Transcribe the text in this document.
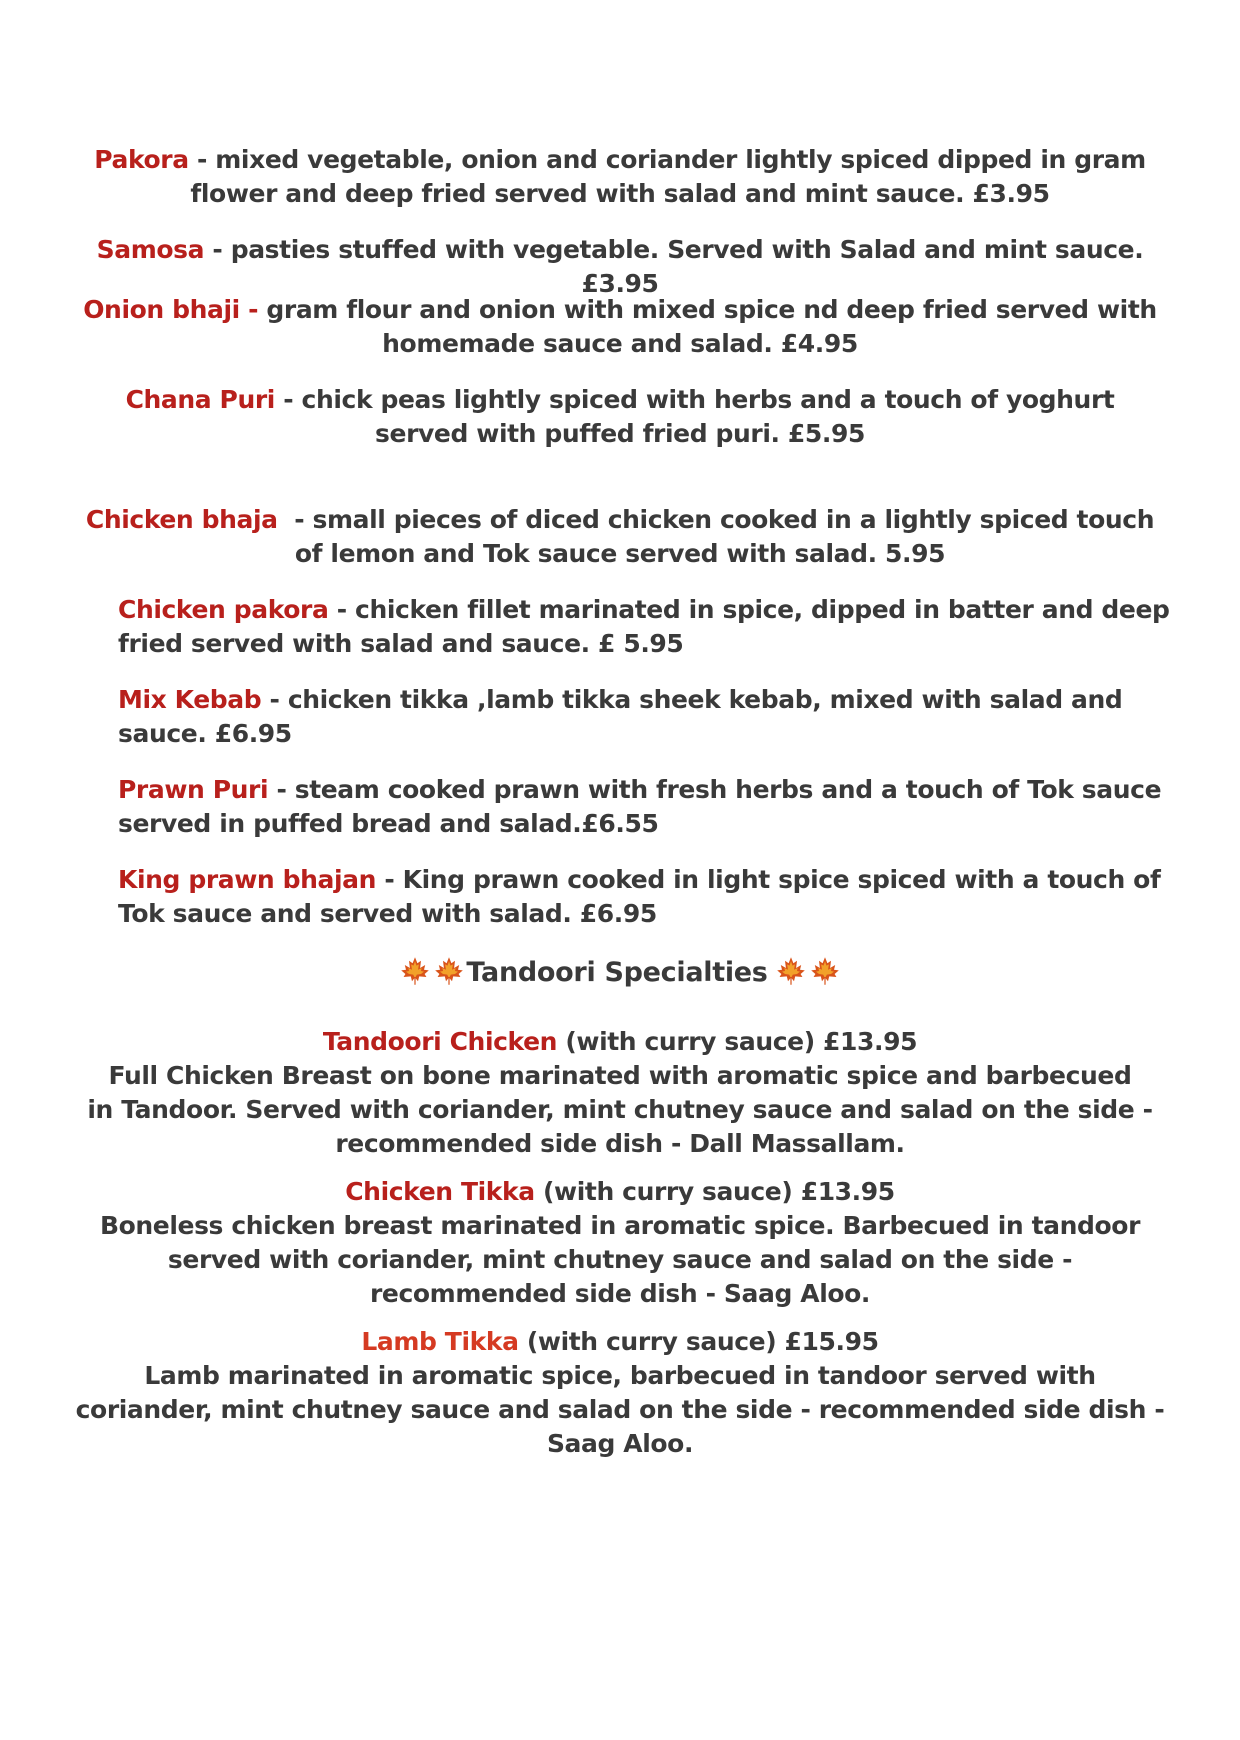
Pakora - mixed vegetable, onion and coriander lightly spiced dipped in gram
flower and deep fried served with salad and mint sauce. £3.95
Samosa - pasties stuffed with vegetable. Served with Salad and mint sauce.
£3.95
Onion bhaji - gram flour and onion with mixed spice nd deep fried served with
homemade sauce and salad. £4.95
Chana Puri - chick peas lightly spiced with herbs and a touch of yoghurt
served with puffed fried puri. £5.95
Chicken bhaja  - small pieces of diced chicken cooked in a lightly spiced touch
of lemon and Tok sauce served with salad. 5.95
Chicken pakora - chicken fillet marinated in spice, dipped in batter and deep
fried served with salad and sauce. £ 5.95
Mix Kebab - chicken tikka ,lamb tikka sheek kebab, mixed with salad and
sauce. £6.95
Prawn Puri - steam cooked prawn with fresh herbs and a touch of Tok sauce
served in puffed bread and salad.£6.55
King prawn bhajan - King prawn cooked in light spice spiced with a touch of
Tok sauce and served with salad. £6.95
Tandoori Specialties
Tandoori Chicken (with curry sauce) £13.95
Full Chicken Breast on bone marinated with aromatic spice and barbecued
in Tandoor. Served with coriander, mint chutney sauce and salad on the side -
recommended side dish - Dall Massallam.
Chicken Tikka (with curry sauce) £13.95
Boneless chicken breast marinated in aromatic spice. Barbecued in tandoor
served with coriander, mint chutney sauce and salad on the side -
recommended side dish - Saag Aloo.
Lamb Tikka (with curry sauce) £15.95
Lamb marinated in aromatic spice, barbecued in tandoor served with
coriander, mint chutney sauce and salad on the side - recommended side dish -
Saag Aloo.
